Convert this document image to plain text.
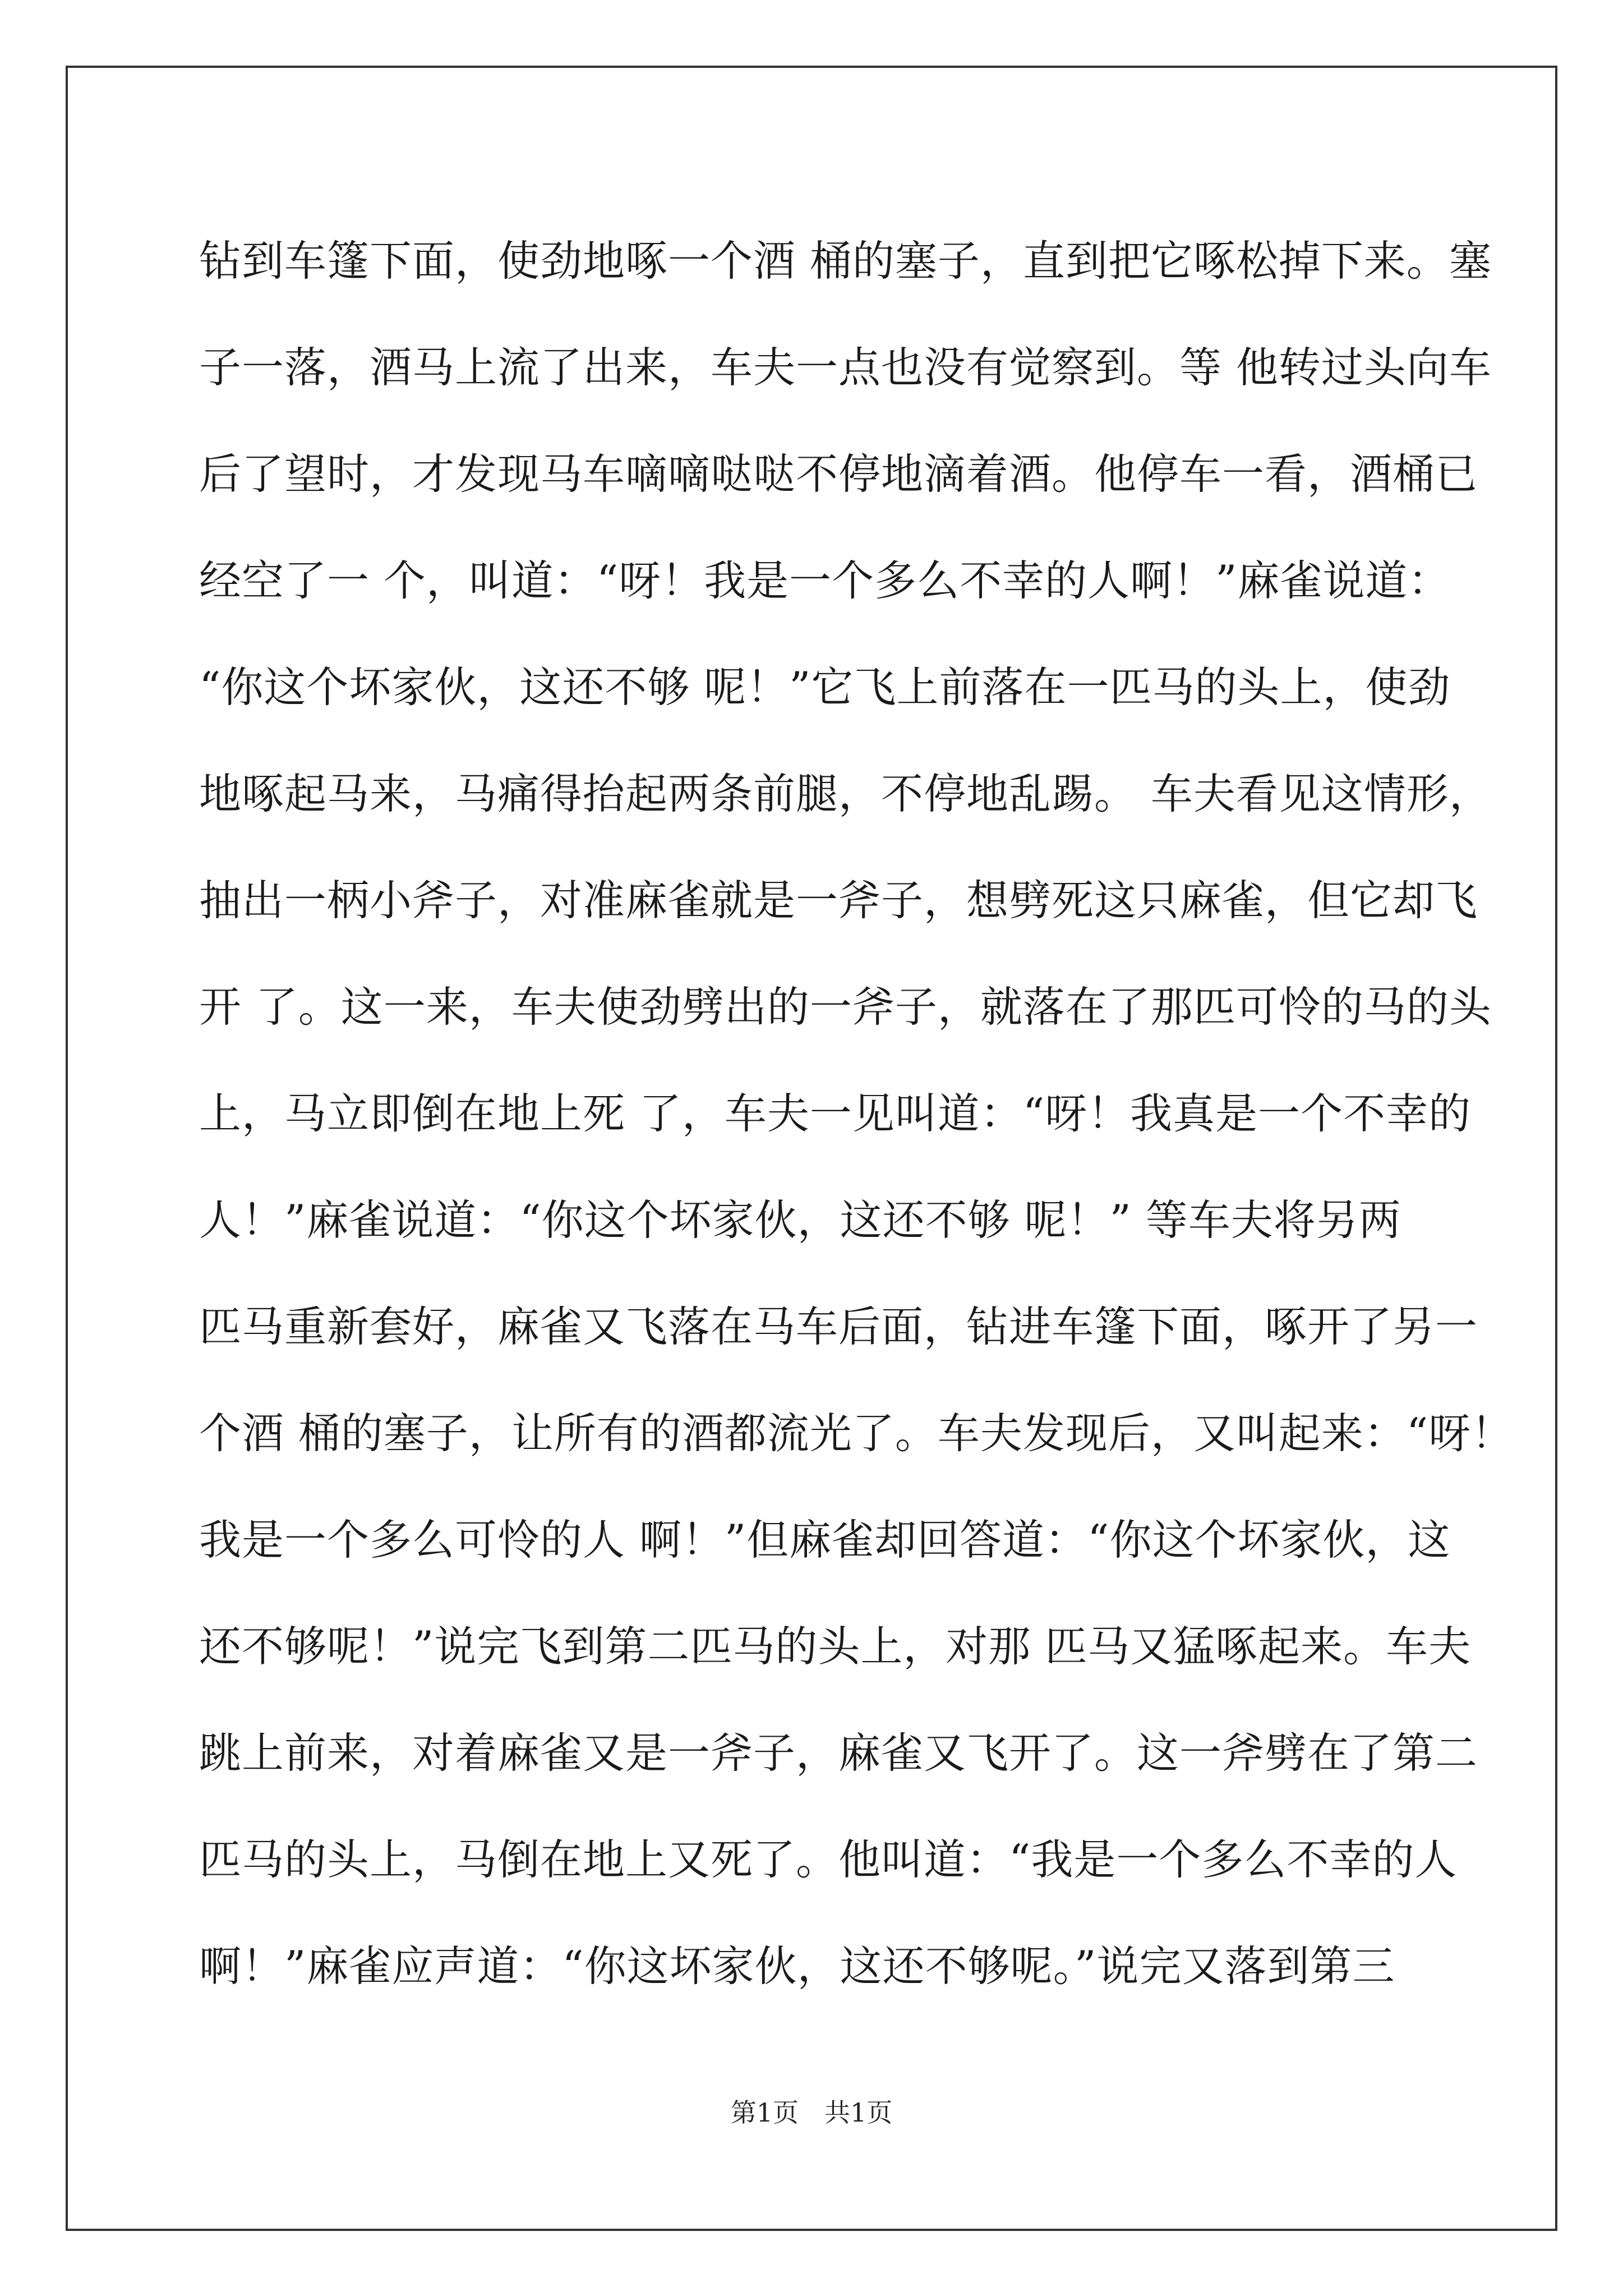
钻到车篷下面，使劲地啄一个酒 桶的塞子，直到把它啄松掉下来。塞
子一落，酒马上流了出来，车夫一点也没有觉察到。等 他转过头向车
后了望时，才发现马车嘀嘀哒哒不停地滴着酒。他停车一看，酒桶已
经空了一 个，叫道：“呀！我是一个多么不幸的人啊！”麻雀说道：
“你这个坏家伙，这还不够 呢！”它飞上前落在一匹马的头上，使劲
地啄起马来，马痛得抬起两条前腿，不停地乱踢。 车夫看见这情形，
抽出一柄小斧子，对准麻雀就是一斧子，想劈死这只麻雀，但它却飞
开 了。这一来，车夫使劲劈出的一斧子，就落在了那匹可怜的马的头
上，马立即倒在地上死 了，车夫一见叫道：“呀！我真是一个不幸的
人！”麻雀说道：“你这个坏家伙，这还不够 呢！” 等车夫将另两
匹马重新套好，麻雀又飞落在马车后面，钻进车篷下面，啄开了另一
个酒 桶的塞子，让所有的酒都流光了。车夫发现后，又叫起来：“呀！
我是一个多么可怜的人 啊！”但麻雀却回答道：“你这个坏家伙，这
还不够呢！”说完飞到第二匹马的头上，对那 匹马又猛啄起来。车夫
跳上前来，对着麻雀又是一斧子，麻雀又飞开了。这一斧劈在了第二
匹马的头上，马倒在地上又死了。他叫道：“我是一个多么不幸的人
啊！”麻雀应声道：“你这坏家伙，这还不够呢。”说完又落到第三
第1页　共1页
